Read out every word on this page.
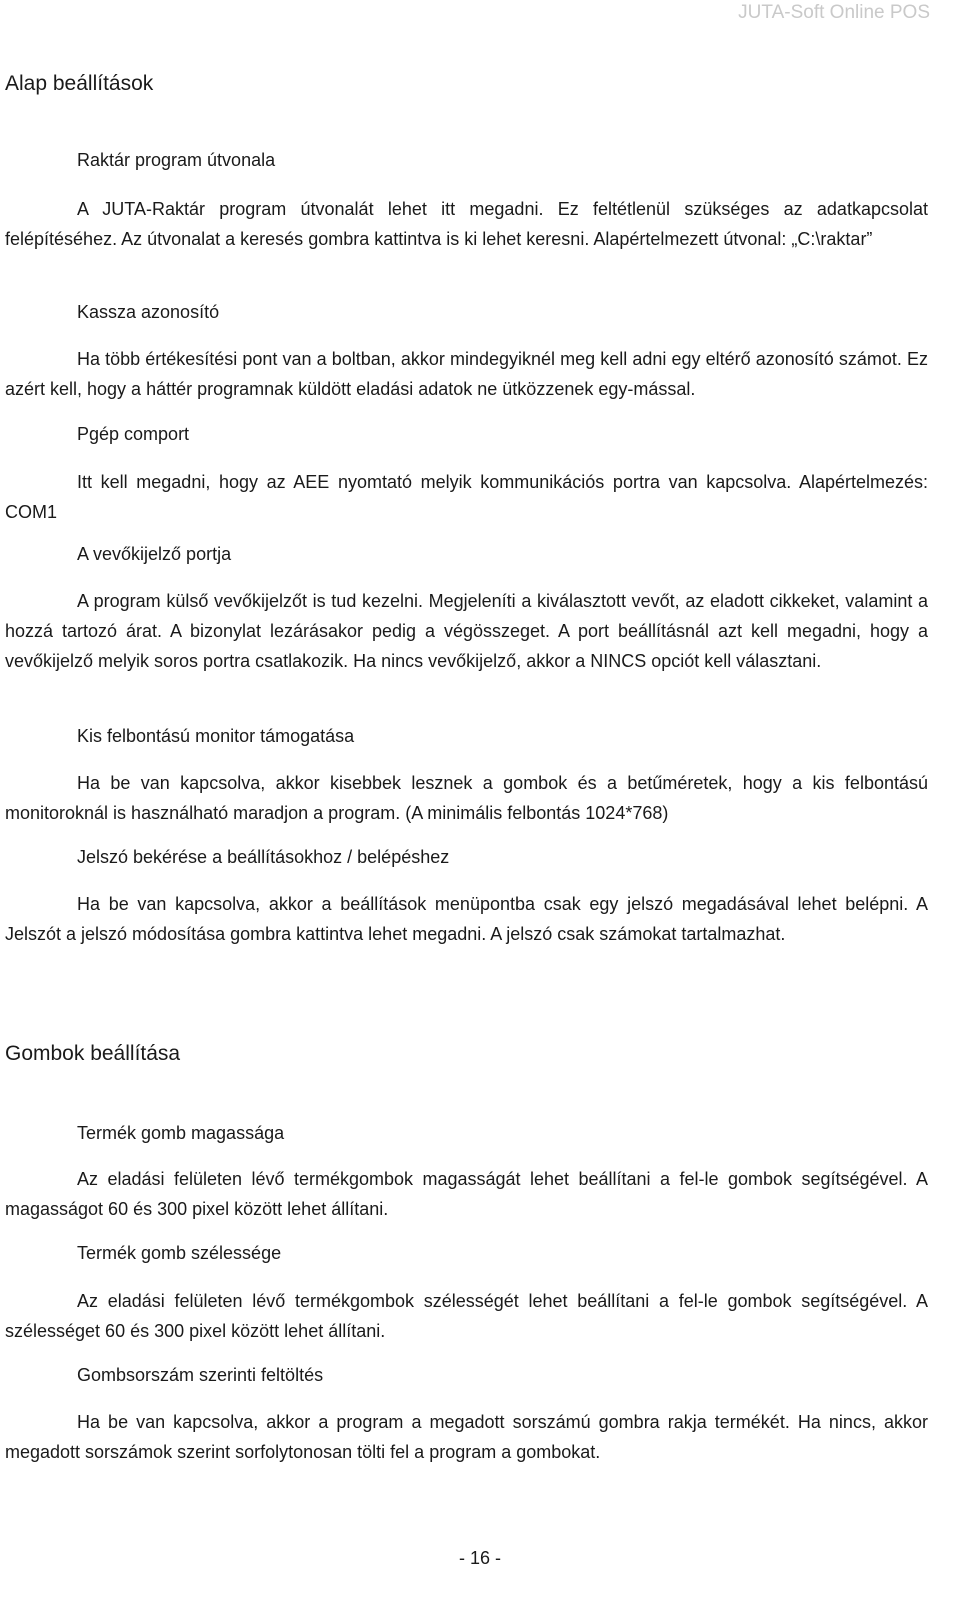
JUTA-Soft Online POS
Alap beállítások
Raktár program útvonala

A JUTA-Raktár program útvonalát lehet itt megadni. Ez feltétlenül szükséges az adatkapcsolat felépítéséhez. Az útvonalat a keresés gombra kattintva is ki lehet keresni. Alapértelmezett útvonal: „C:\raktar”

Kassza azonosító

Ha több értékesítési pont van a boltban, akkor mindegyiknél meg kell adni egy eltérő azonosító számot. Ez azért kell, hogy a háttér programnak küldött eladási adatok ne ütközzenek egy-mással.

Pgép comport

Itt kell megadni, hogy az AEE nyomtató melyik kommunikációs portra van kapcsolva. Alapértelmezés: COM1

A vevőkijelző portja

A program külső vevőkijelzőt is tud kezelni. Megjeleníti a kiválasztott vevőt, az eladott cikkeket, valamint a hozzá tartozó árat. A bizonylat lezárásakor pedig a végösszeget. A port beállításnál azt kell megadni, hogy a vevőkijelző melyik soros portra csatlakozik. Ha nincs vevőkijelző, akkor a NINCS opciót kell választani.

Kis felbontású monitor támogatása

Ha be van kapcsolva, akkor kisebbek lesznek a gombok és a betűméretek, hogy a kis felbontású monitoroknál is használható maradjon a program. (A minimális felbontás 1024*768)

Jelszó bekérése a beállításokhoz / belépéshez

Ha be van kapcsolva, akkor a beállítások menüpontba csak egy jelszó megadásával lehet belépni. A Jelszót a jelszó módosítása gombra kattintva lehet megadni. A jelszó csak számokat tartalmazhat.

Gombok beállítása
Termék gomb magassága

Az eladási felületen lévő termékgombok magasságát lehet beállítani a fel-le gombok segítségével. A magasságot 60 és 300 pixel között lehet állítani.

Termék gomb szélessége

Az eladási felületen lévő termékgombok szélességét lehet beállítani a fel-le gombok segítségével. A szélességet 60 és 300 pixel között lehet állítani.

Gombsorszám szerinti feltöltés

Ha be van kapcsolva, akkor a program a megadott sorszámú gombra rakja termékét. Ha nincs, akkor megadott sorszámok szerint sorfolytonosan tölti fel a program a gombokat.

- 16 -
